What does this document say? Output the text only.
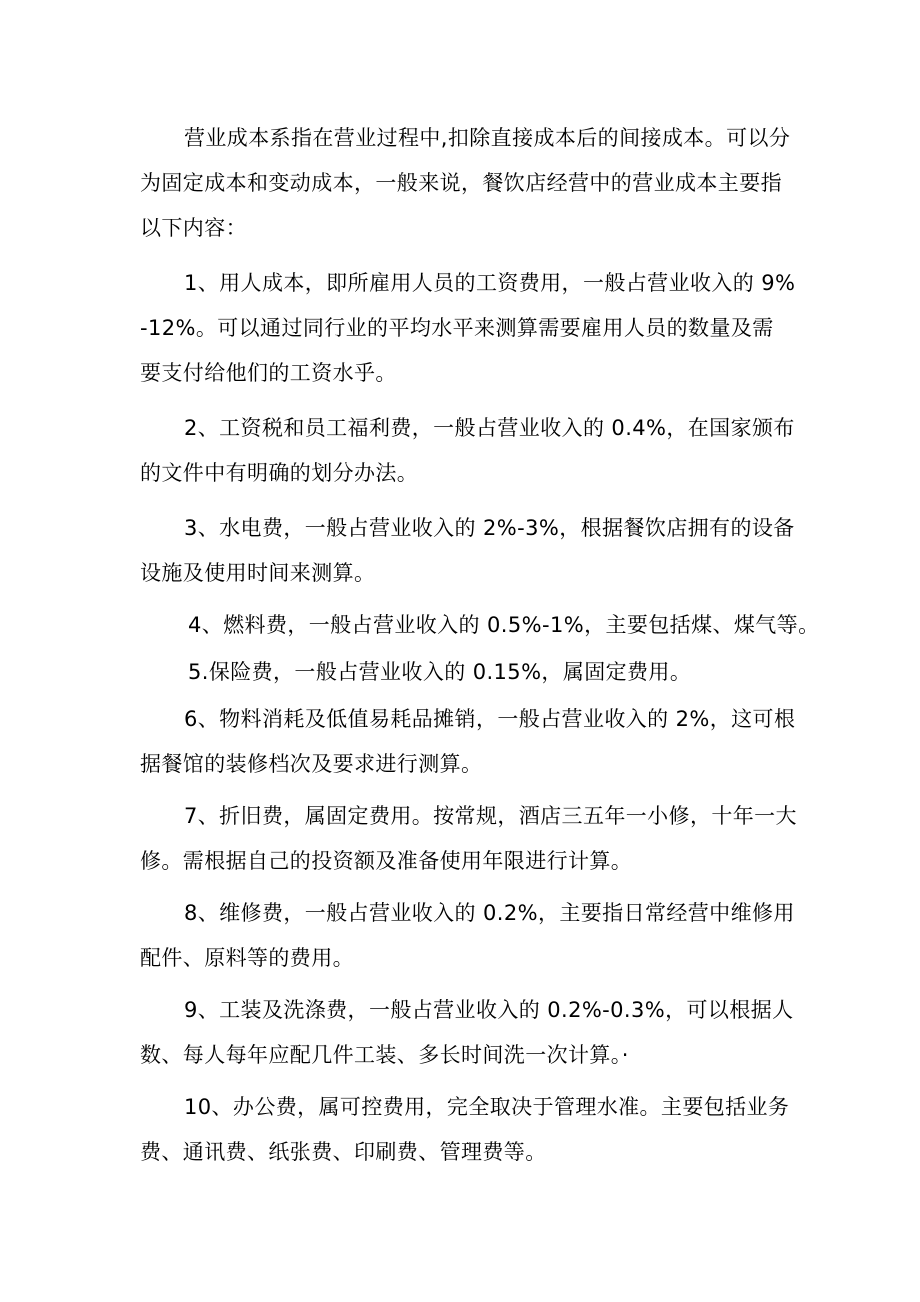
营业成本系指在营业过程中,扣除直接成本后的间接成本。可以分
为固定成本和变动成本，一般来说，餐饮店经营中的营业成本主要指
以下内容：

1、用人成本，即所雇用人员的工资费用，一般占营业收入的 9%
-12%。可以通过同行业的平均水平来测算需要雇用人员的数量及需
要支付给他们的工资水乎。

2、工资税和员工福利费，一般占营业收入的 0.4%，在国家颁布
的文件中有明确的划分办法。

3、水电费，一般占营业收入的 2%-3%，根据餐饮店拥有的设备
设施及使用时间来测算。

4、燃料费，一般占营业收入的 0.5%-1%，主要包括煤、煤气等。

5.保险费，一般占营业收入的 0.15%，属固定费用。

6、物料消耗及低值易耗品摊销，一般占营业收入的 2%，这可根
据餐馆的装修档次及要求进行测算。

7、折旧费，属固定费用。按常规，酒店三五年一小修，十年一大
修。需根据自己的投资额及准备使用年限进行计算。

8、维修费，一般占营业收入的 0.2%，主要指日常经营中维修用
配件、原料等的费用。

9、工装及洗涤费，一般占营业收入的 0.2%-0.3%，可以根据人
数、每人每年应配几件工装、多长时间洗一次计算。·

10、办公费，属可控费用，完全取决于管理水准。主要包括业务
费、通讯费、纸张费、印刷费、管理费等。
